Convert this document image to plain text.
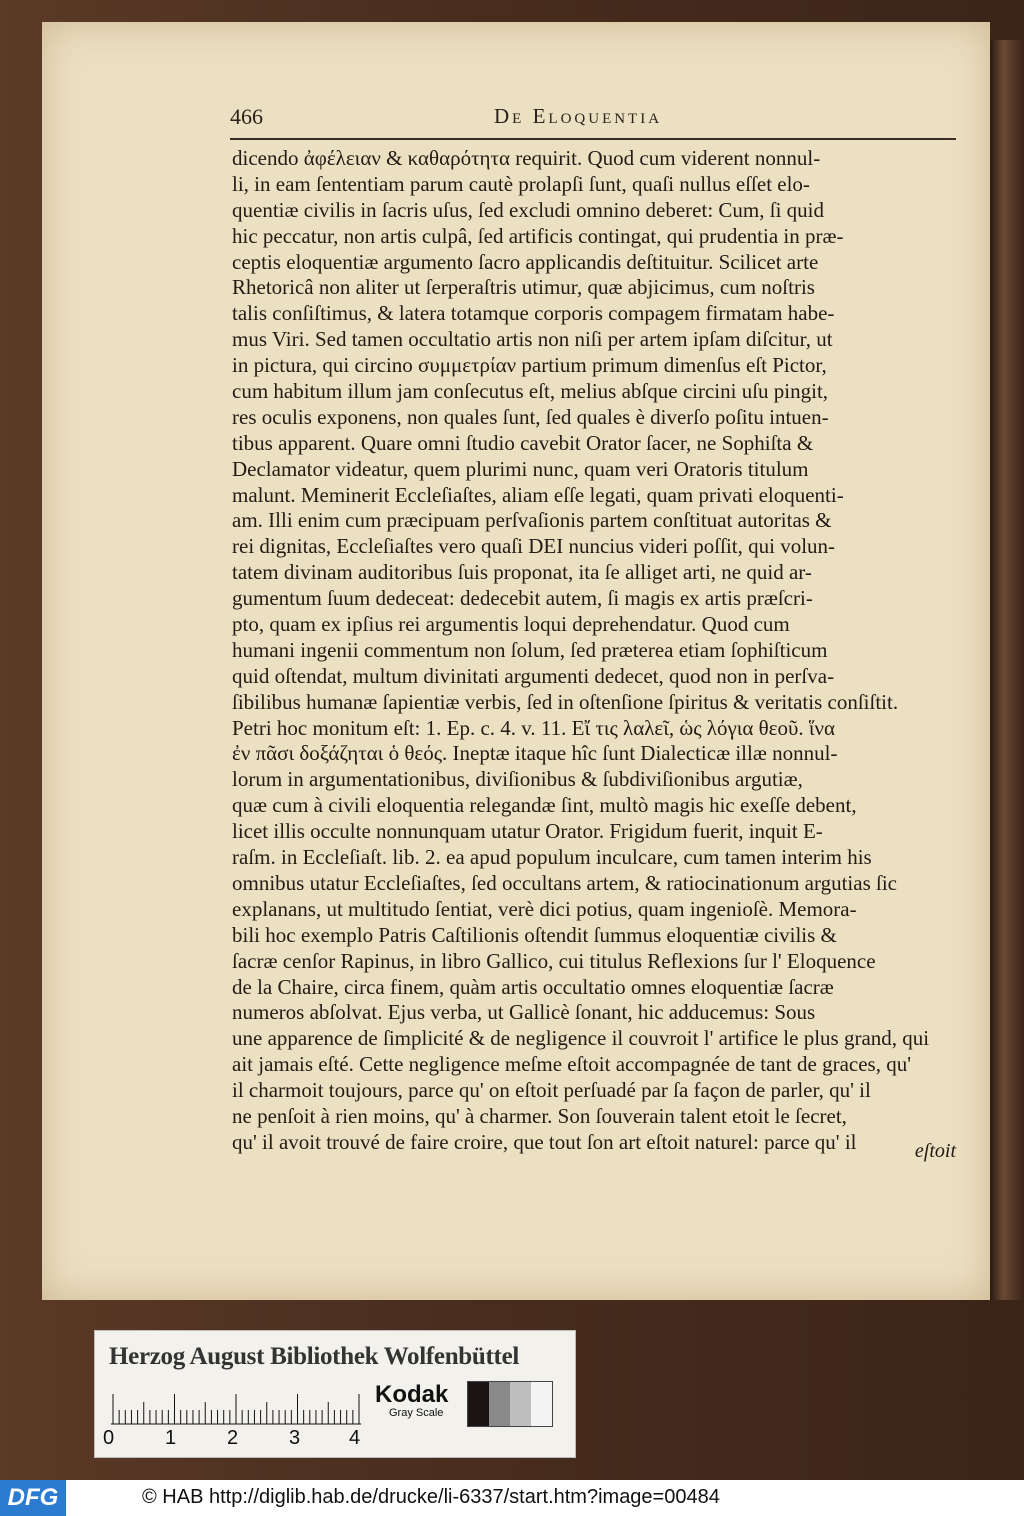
466	De Eloquentia
dicendo ἀφέλειαν & καθαρότητα requirit. Quod cum viderent nonnul-
li, in eam ſententiam parum cautè prolapſi ſunt, quaſi nullus eſſet elo-
quentiæ civilis in ſacris uſus, ſed excludi omnino deberet: Cum, ſi quid
hic peccatur, non artis culpâ, ſed artificis contingat, qui prudentia in præ-
ceptis eloquentiæ argumento ſacro applicandis deſtituitur. Scilicet arte
Rhetoricâ non aliter ut ſerperaſtris utimur, quæ abjicimus, cum noſtris
talis conſiſtimus, & latera totamque corporis compagem firmatam habe-
mus Viri. Sed tamen occultatio artis non niſi per artem ipſam diſcitur, ut
in pictura, qui circino συμμετρίαν partium primum dimenſus eſt Pictor,
cum habitum illum jam conſecutus eſt, melius abſque circini uſu pingit,
res oculis exponens, non quales ſunt, ſed quales è diverſo poſitu intuen-
tibus apparent. Quare omni ſtudio cavebit Orator ſacer, ne Sophiſta &
Declamator videatur, quem plurimi nunc, quam veri Oratoris titulum
malunt. Meminerit Eccleſiaſtes, aliam eſſe legati, quam privati eloquenti-
am. Illi enim cum præcipuam perſvaſionis partem conſtituat autoritas &
rei dignitas, Eccleſiaſtes vero quaſi DEI nuncius videri poſſit, qui volun-
tatem divinam auditoribus ſuis proponat, ita ſe alliget arti, ne quid ar-
gumentum ſuum dedeceat: dedecebit autem, ſi magis ex artis præſcri-
pto, quam ex ipſius rei argumentis loqui deprehendatur. Quod cum
humani ingenii commentum non ſolum, ſed præterea etiam ſophiſticum
quid oſtendat, multum divinitati argumenti dedecet, quod non in perſva-
ſibilibus humanæ ſapientiæ verbis, ſed in oſtenſione ſpiritus & veritatis conſiſtit.
Petri hoc monitum eſt: 1. Ep. c. 4. v. 11. Εἴ τις λαλεῖ, ὡς λόγια θεοῦ. ἵνα
ἐν πᾶσι δοξάζηται ὁ θεός. Ineptæ itaque hîc ſunt Dialecticæ illæ nonnul-
lorum in argumentationibus, diviſionibus & ſubdiviſionibus argutiæ,
quæ cum à civili eloquentia relegandæ ſint, multò magis hic exeſſe debent,
licet illis occulte nonnunquam utatur Orator. Frigidum fuerit, inquit E-
raſm. in Eccleſiaſt. lib. 2. ea apud populum inculcare, cum tamen interim his
omnibus utatur Eccleſiaſtes, ſed occultans artem, & ratiocinationum argutias ſic
explanans, ut multitudo ſentiat, verè dici potius, quam ingenioſè. Memora-
bili hoc exemplo Patris Caſtilionis oſtendit ſummus eloquentiæ civilis &
ſacræ cenſor Rapinus, in libro Gallico, cui titulus Reflexions ſur l' Eloquence
de la Chaire, circa finem, quàm artis occultatio omnes eloquentiæ ſacræ
numeros abſolvat. Ejus verba, ut Gallicè ſonant, hic adducemus: Sous
une apparence de ſimplicité & de negligence il couvroit l' artifice le plus grand, qui
ait jamais eſté. Cette negligence meſme eſtoit accompagnée de tant de graces, qu'
il charmoit toujours, parce qu' on eſtoit perſuadé par ſa façon de parler, qu' il
ne penſoit à rien moins, qu' à charmer. Son ſouverain talent etoit le ſecret,
qu' il avoit trouvé de faire croire, que tout ſon art eſtoit naturel: parce qu' il	eſtoit
Herzog August Bibliothek Wolfenbüttel
0	1	2	3 4
Kodak
Gray Scale
DFG	© HAB http://diglib.hab.de/drucke/li-6337/start.htm?image=00484
